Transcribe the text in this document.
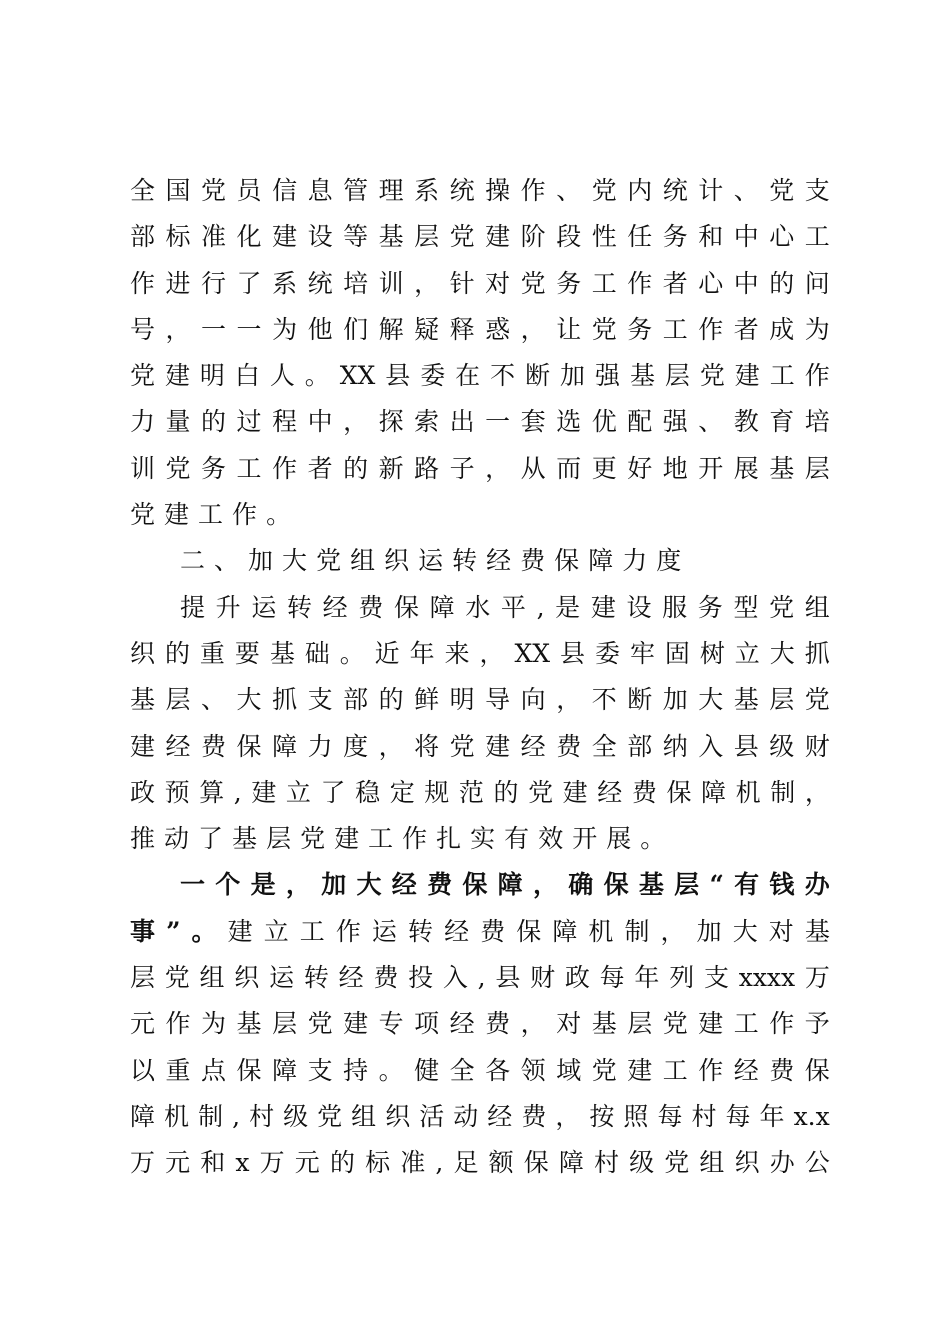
全 国 党 员 信 息 管 理 系 统 操 作 、 党 内 统 计 、 党 支
部 标 准 化 建 设 等 基 层 党 建 阶 段 性 任 务 和 中 心 工
作 进 行 了 系 统 培 训 ， 针 对 党 务 工 作 者 心 中 的 问
号 ， 一 一 为 他 们 解 疑 释 惑 ， 让 党 务 工 作 者 成 为
党 建 明 白 人 。 XX 县 委 在 不 断 加 强 基 层 党 建 工 作
力 量 的 过 程 中 ， 探 索 出 一 套 选 优 配 强 、 教 育 培
训 党 务 工 作 者 的 新 路 子 ， 从 而 更 好 地 开 展 基 层
党 建 工 作 。
二 、 加 大 党 组 织 运 转 经 费 保 障 力 度
提 升 运 转 经 费 保 障 水 平 , 是 建 设 服 务 型 党 组
织 的 重 要 基 础 。 近 年 来 ， XX 县 委 牢 固 树 立 大 抓
基 层 、 大 抓 支 部 的 鲜 明 导 向 ， 不 断 加 大 基 层 党
建 经 费 保 障 力 度 ， 将 党 建 经 费 全 部 纳 入 县 级 财
政 预 算 , 建 立 了 稳 定 规 范 的 党 建 经 费 保 障 机 制 ，
推 动 了 基 层 党 建 工 作 扎 实 有 效 开 展 。
一 个 是 ， 加 大 经 费 保 障 ， 确 保 基 层 “ 有 钱 办
事 ” 。 建 立 工 作 运 转 经 费 保 障 机 制 ， 加 大 对 基
层 党 组 织 运 转 经 费 投 入 , 县 财 政 每 年 列 支 xxxx 万
元 作 为 基 层 党 建 专 项 经 费 ， 对 基 层 党 建 工 作 予
以 重 点 保 障 支 持 。 健 全 各 领 域 党 建 工 作 经 费 保
障 机 制 , 村 级 党 组 织 活 动 经 费 ， 按 照 每 村 每 年 x.x
万 元 和 x 万 元 的 标 准 , 足 额 保 障 村 级 党 组 织 办 公
